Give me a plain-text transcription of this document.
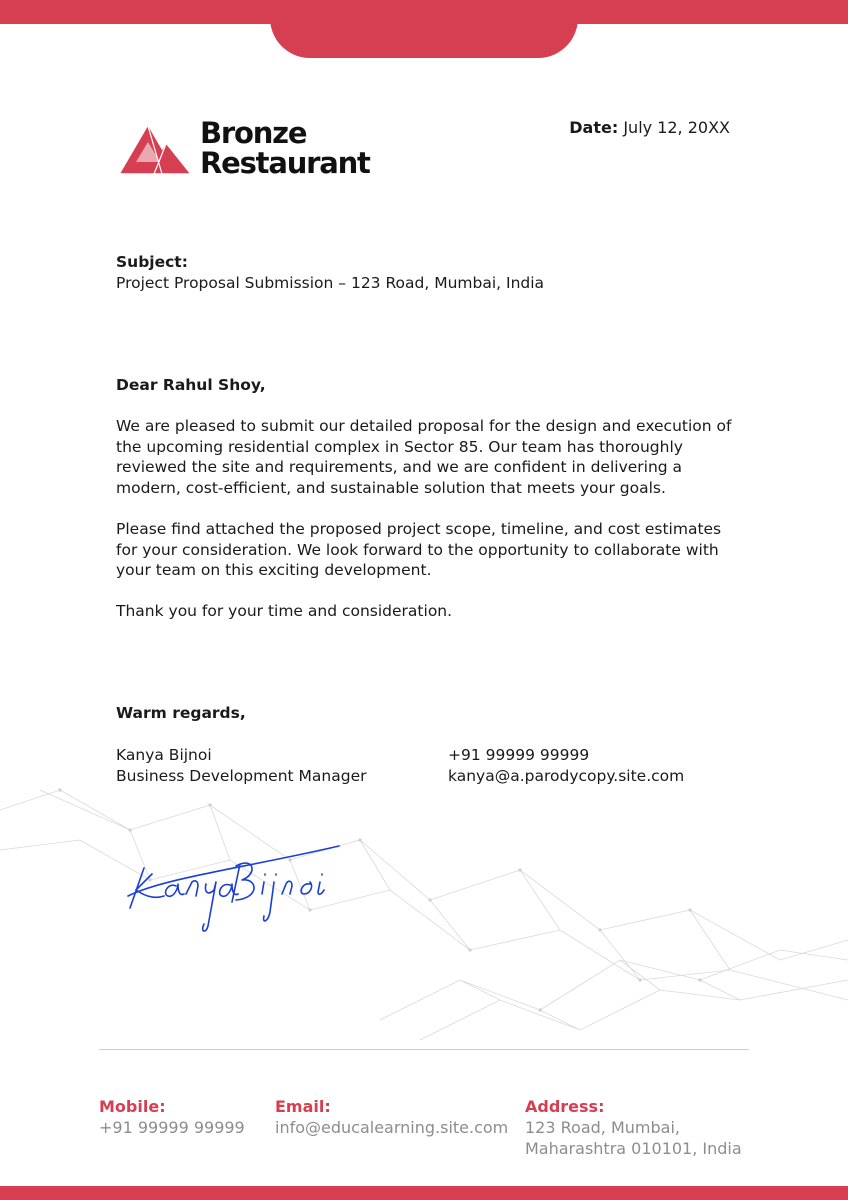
Bronze
Restaurant
Date: July 12, 20XX
Subject:
Project Proposal Submission – 123 Road, Mumbai, India
Dear Rahul Shoy,
We are pleased to submit our detailed proposal for the design and execution of the upcoming residential complex in Sector 85. Our team has thoroughly reviewed the site and requirements, and we are confident in delivering a modern, cost-efficient, and sustainable solution that meets your goals.
Please find attached the proposed project scope, timeline, and cost estimates for your consideration. We look forward to the opportunity to collaborate with your team on this exciting development.
Thank you for your time and consideration.
Warm regards,
Kanya Bijnoi
Business Development Manager
+91 99999 99999
kanya@a.parodycopy.site.com
Mobile:
+91 99999 99999
Email:
info@educalearning.site.com
Address:
123 Road, Mumbai,
Maharashtra 010101, India
